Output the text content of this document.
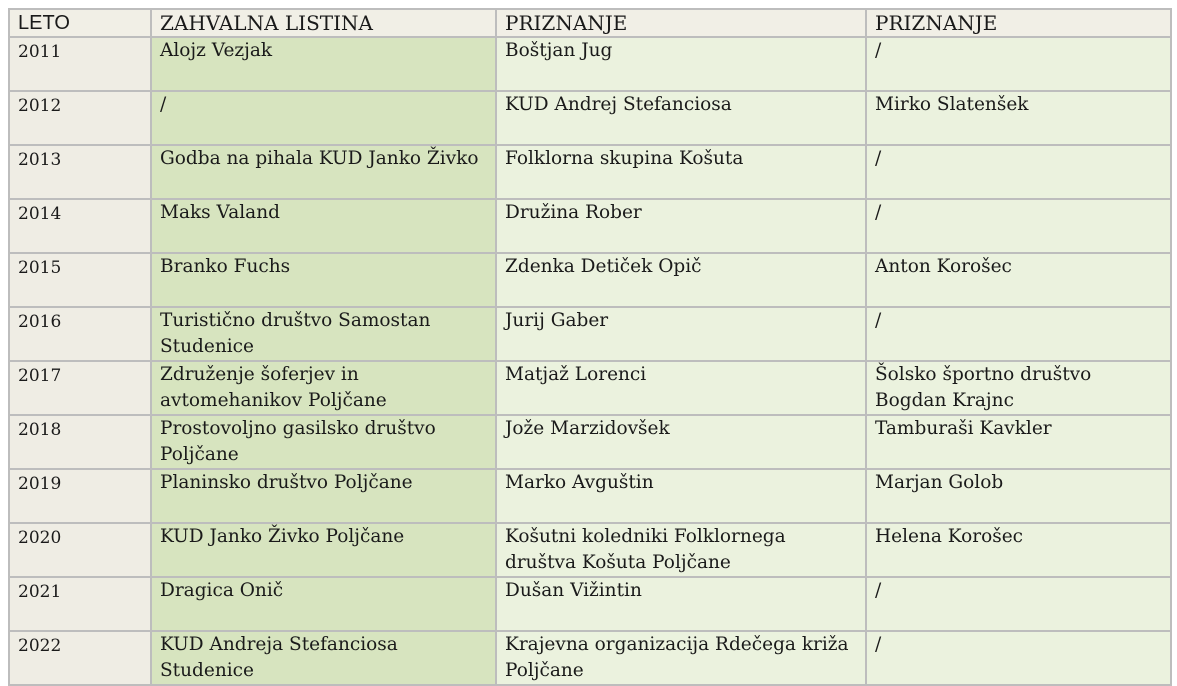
LETO	ZAHVALNA LISTINA	PRIZNANJE	PRIZNANJE
2011	Alojz Vezjak	Boštjan Jug	/
2012	/	KUD Andrej Stefanciosa	Mirko Slatenšek
2013	Godba na pihala KUD Janko Živko	Folklorna skupina Košuta	/
2014	Maks Valand	Družina Rober	/
2015	Branko Fuchs	Zdenka Detiček Opič	Anton Korošec
2016	Turistično društvo Samostan Studenice	Jurij Gaber	/
2017	Združenje šoferjev in avtomehanikov Poljčane	Matjaž Lorenci	Šolsko športno društvo Bogdan Krajnc
2018	Prostovoljno gasilsko društvo Poljčane	Jože Marzidovšek	Tamburaši Kavkler
2019	Planinsko društvo Poljčane	Marko Avguštin	Marjan Golob
2020	KUD Janko Živko Poljčane	Košutni koledniki Folklornega društva Košuta Poljčane	Helena Korošec
2021	Dragica Onič	Dušan Vižintin	/
2022	KUD Andreja Stefanciosa Studenice	Krajevna organizacija Rdečega križa Poljčane	/
